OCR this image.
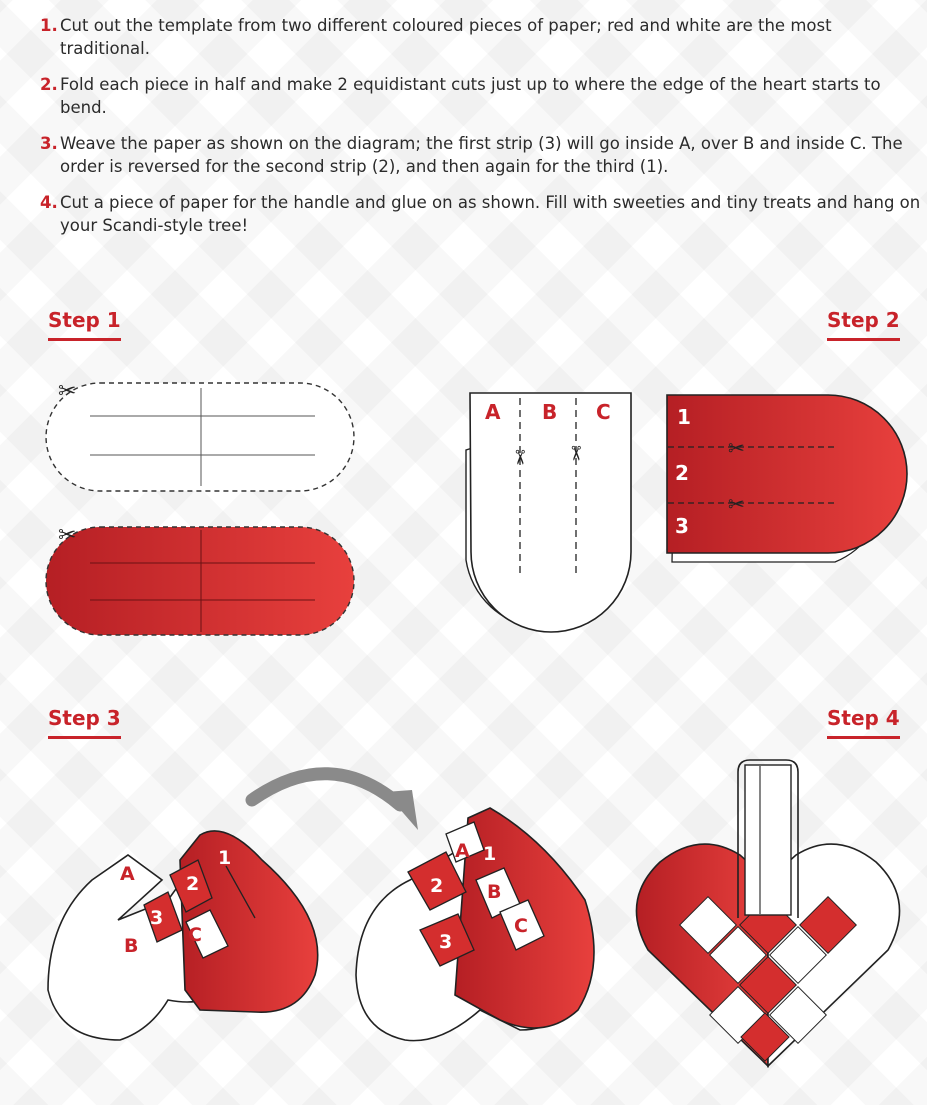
1. Cut out the template from two different coloured pieces of paper; red and white are the most traditional.
2. Fold each piece in half and make 2 equidistant cuts just up to where the edge of the heart starts to bend.
3. Weave the paper as shown on the diagram; the first strip (3) will go inside A, over B and inside C. The order is reversed for the second strip (2), and then again for the third (1).
4. Cut a piece of paper for the handle and glue on as shown. Fill with sweeties and tiny treats and hang on your Scandi-style tree!
Step 1	Step 2
Step 3	Step 4
✂
✂
A B C
✂ ✂	✂
✂
1
2
3
A
B	C
1
2
3
A
B
C
1
2
3
